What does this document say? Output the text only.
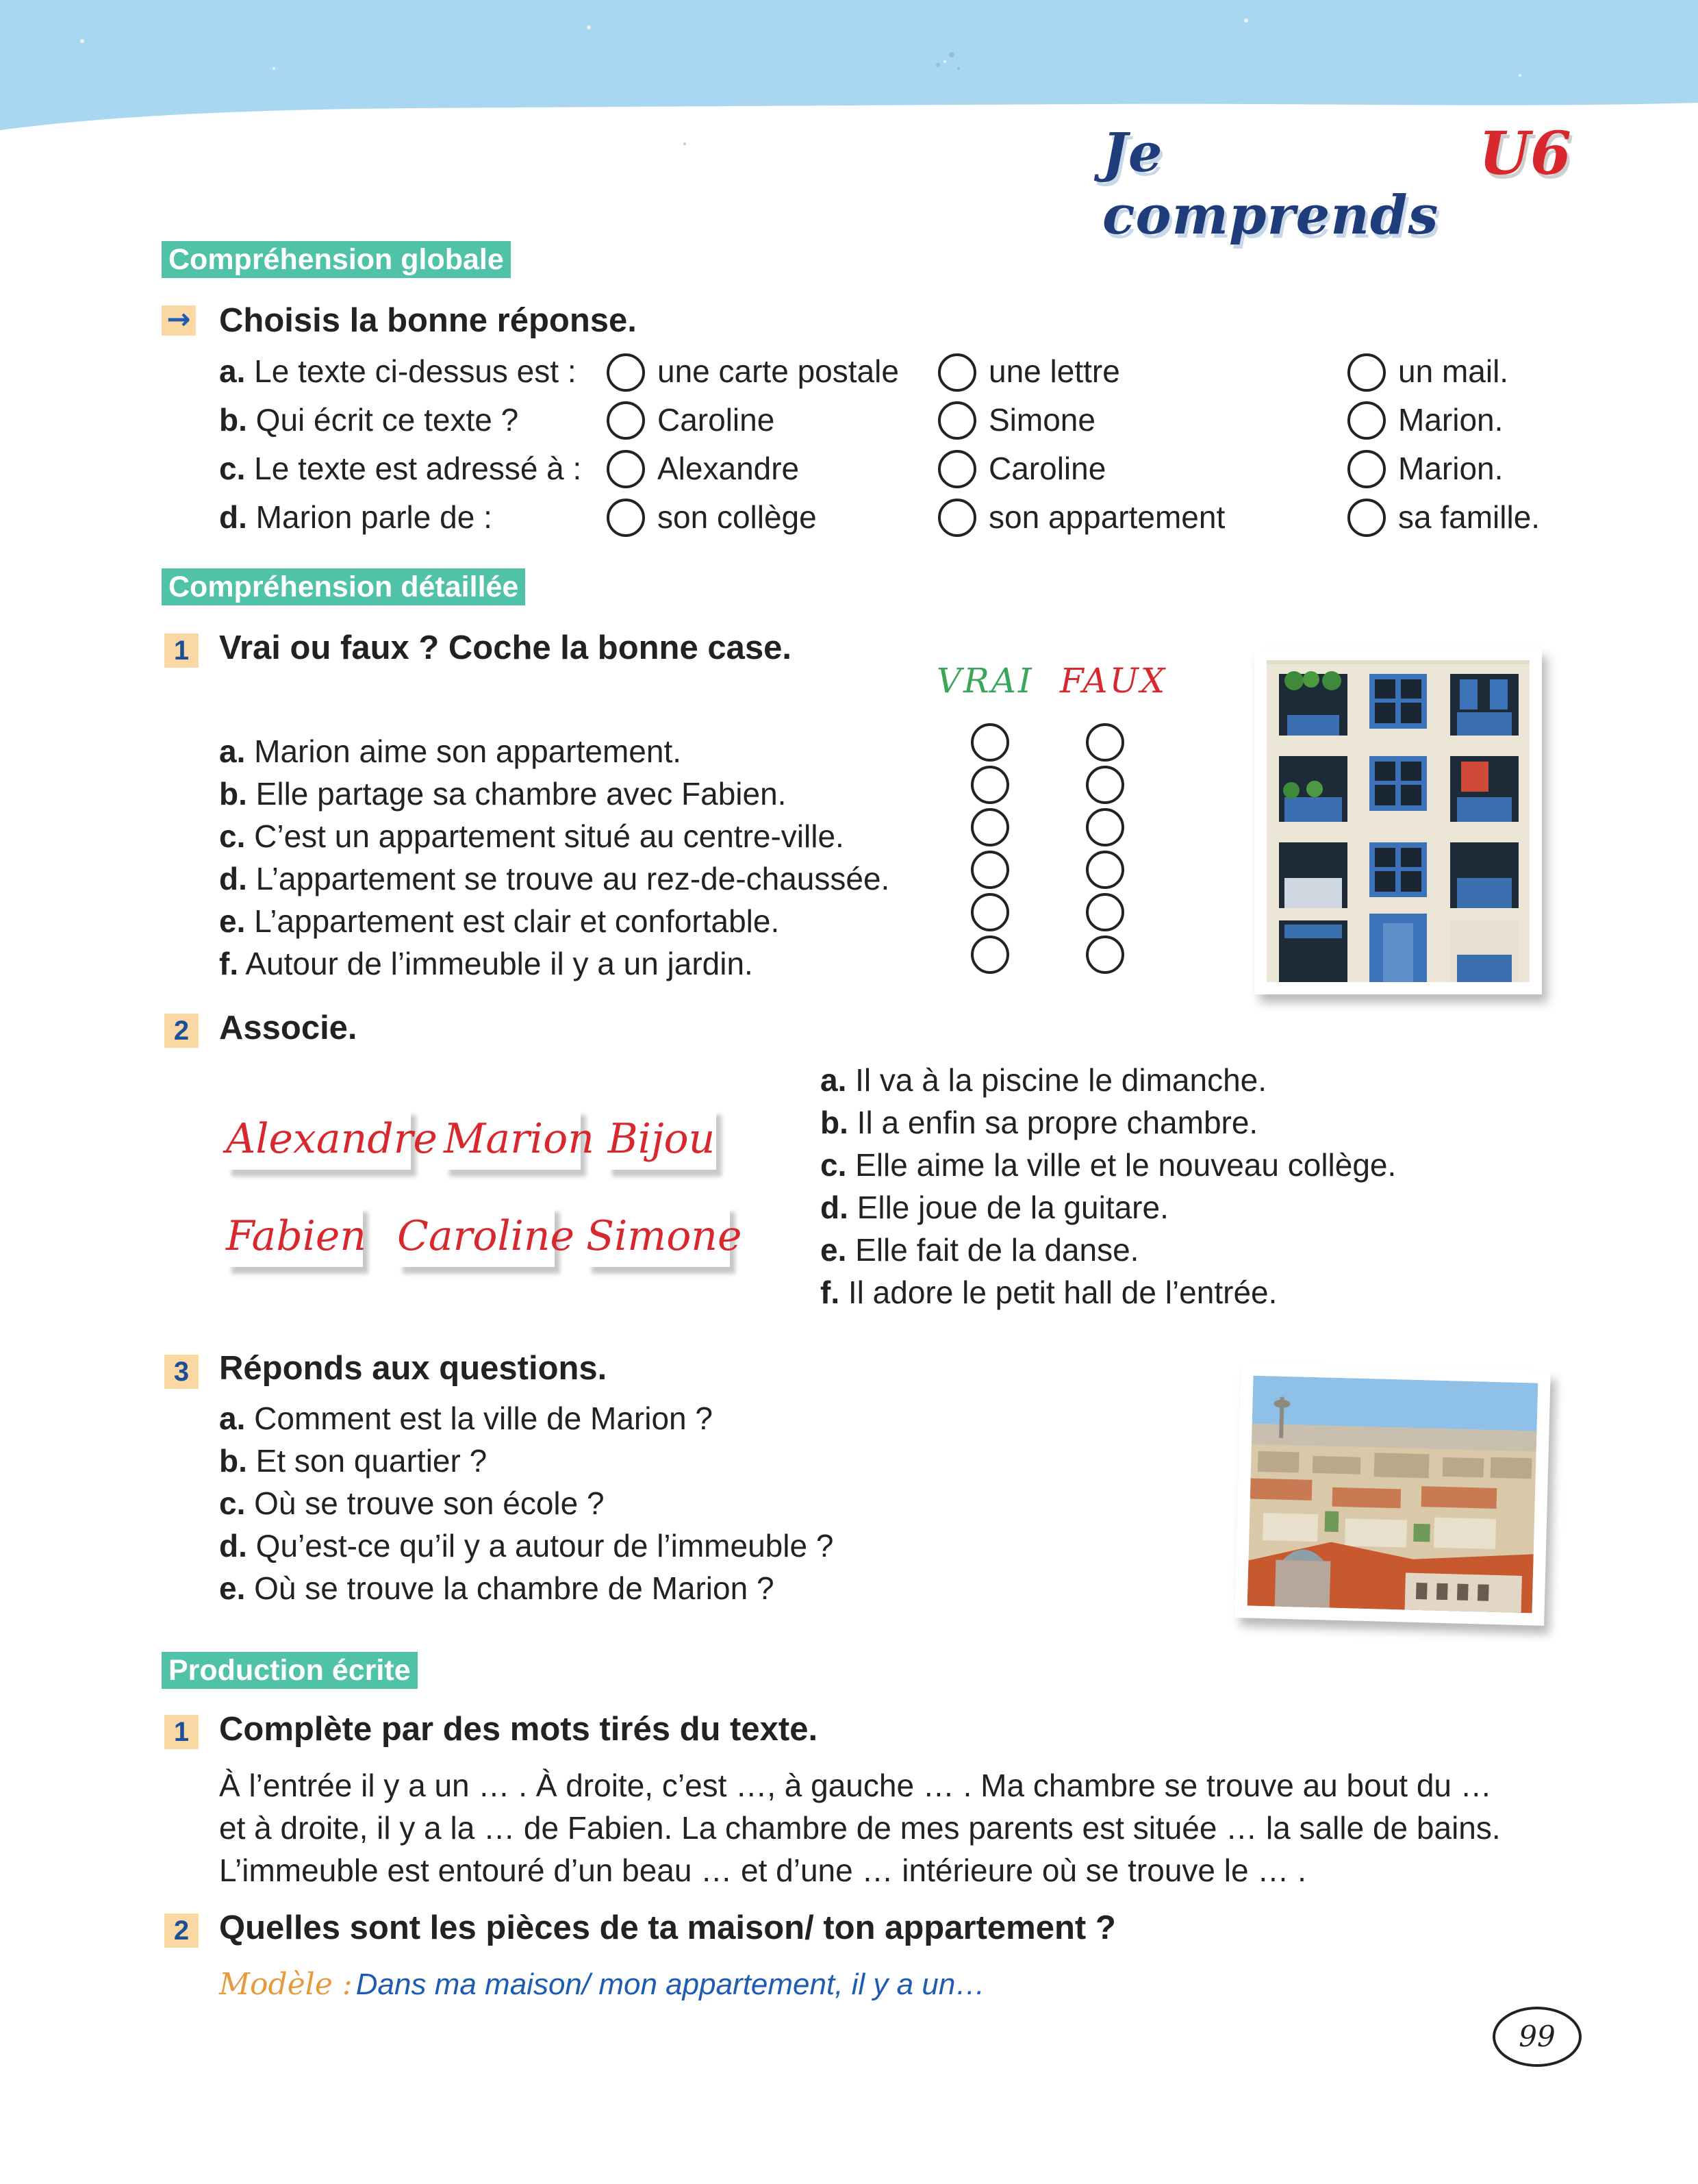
Je comprends
U6
Compréhension globale
→ Choisis la bonne réponse.
a. Le texte ci-dessus est :	une carte postale	une lettre	un mail.
b. Qui écrit ce texte ?	Caroline	Simone	Marion.
c. Le texte est adressé à : Alexandre	Caroline	Marion.
d. Marion parle de :	son collège	son appartement	sa famille.
Compréhension détaillée
1 Vrai ou faux ? Coche la bonne case.
VRAI FAUX
a. Marion aime son appartement.
b. Elle partage sa chambre avec Fabien.
c. C’est un appartement situé au centre-ville.
d. L’appartement se trouve au rez-de-chaussée.
e. L’appartement est clair et confortable.
f. Autour de l’immeuble il y a un jardin.
2 Associe.
Alexandre Marion Bijou
Fabien Caroline Simone
a. Il va à la piscine le dimanche.
b. Il a enfin sa propre chambre.
c. Elle aime la ville et le nouveau collège.
d. Elle joue de la guitare.
e. Elle fait de la danse.
f. Il adore le petit hall de l’entrée.
3 Réponds aux questions.
a. Comment est la ville de Marion ?
b. Et son quartier ?
c. Où se trouve son école ?
d. Qu’est-ce qu’il y a autour de l’immeuble ?
e. Où se trouve la chambre de Marion ?
Production écrite
1 Complète par des mots tirés du texte.
À l’entrée il y a un … . À droite, c’est …, à gauche … . Ma chambre se trouve au bout du …
et à droite, il y a la … de Fabien. La chambre de mes parents est située … la salle de bains.
L’immeuble est entouré d’un beau … et d’une … intérieure où se trouve le … .
2 Quelles sont les pièces de ta maison/ ton appartement ?
Modèle : Dans ma maison/ mon appartement, il y a un…
99
